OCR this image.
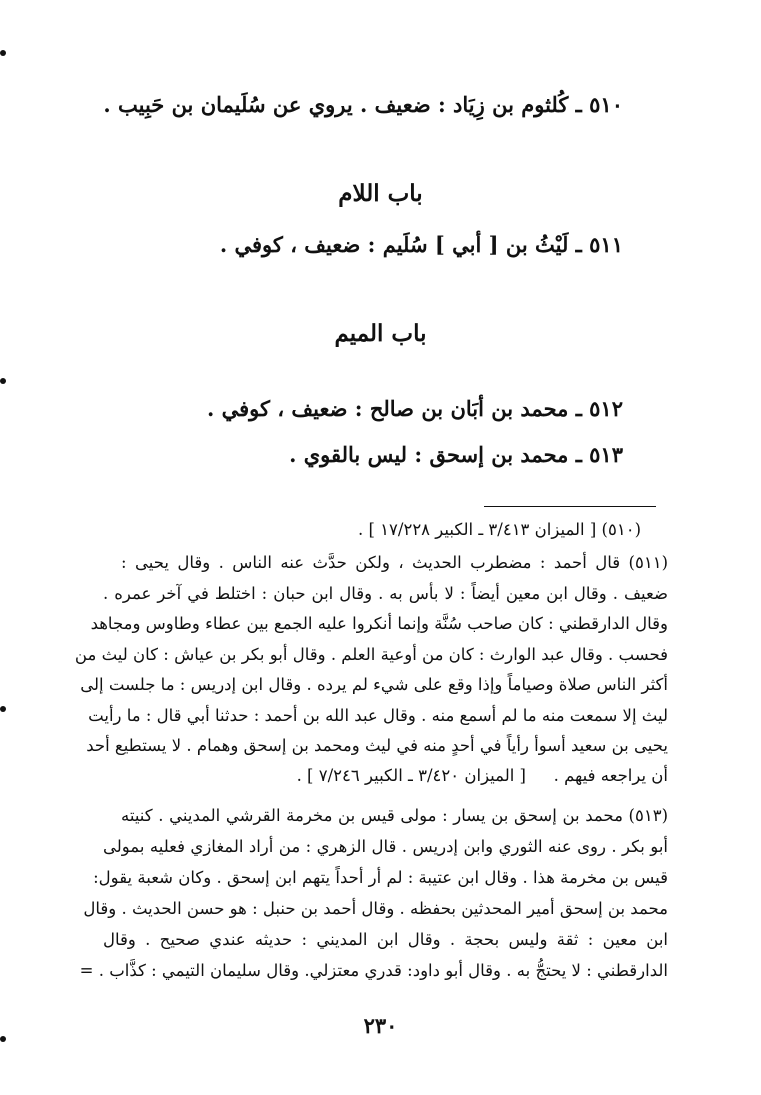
٥١٠ ـ كُلثوم بن زِيَاد : ضعيف . يروي عن سُلَيمان بن حَبِيب .
باب اللام
٥١١ ـ لَيْثُ بن [ أبي ] سُلَيم : ضعيف ، كوفي .
باب الميم
٥١٢ ـ محمد بن أبَان بن صالح : ضعيف ، كوفي .
٥١٣ ـ محمد بن إسحق : ليس بالقوي .
(٥١٠) [ الميزان ٣/٤١٣ ـ الكبير ١٧/٢٢٨ ] .
(٥١١) قال أحمد : مضطرب الحديث ، ولكن حدَّث عنه الناس . وقال يحيى :
ضعيف . وقال ابن معين أيضاً : لا بأس به . وقال ابن حبان : اختلط في آخر عمره .
وقال الدارقطني : كان صاحب سُنَّة وإنما أنكروا عليه الجمع بين عطاء وطاوس ومجاهد
فحسب . وقال عبد الوارث : كان من أوعية العلم . وقال أبو بكر بن عياش : كان ليث من
أكثر الناس صلاة وصياماً وإذا وقع على شيء لم يرده . وقال ابن إدريس : ما جلست إلى
ليث إلا سمعت منه ما لم أسمع منه . وقال عبد الله بن أحمد : حدثنا أبي قال : ما رأيت
يحيى بن سعيد أسوأ رأياً في أحدٍ منه في ليث ومحمد بن إسحق وهمام . لا يستطيع أحد
أن يراجعه فيهم .
[ الميزان ٣/٤٢٠ ـ الكبير ٧/٢٤٦ ] .
(٥١٣) محمد بن إسحق بن يسار : مولى قيس بن مخرمة القرشي المديني . كنيته
أبو بكر . روى عنه الثوري وابن إدريس . قال الزهري : من أراد المغازي فعليه بمولى
قيس بن مخرمة هذا . وقال ابن عتيبة : لم أر أحداً يتهم ابن إسحق . وكان شعبة يقول:
محمد بن إسحق أمير المحدثين بحفظه . وقال أحمد بن حنبل : هو حسن الحديث . وقال
ابن معين : ثقة وليس بحجة . وقال ابن المديني : حديثه عندي صحيح . وقال
الدارقطني : لا يحتجُّ به . وقال أبو داود: قدري معتزلي. وقال سليمان التيمي : كذَّاب . =
٢٣٠
